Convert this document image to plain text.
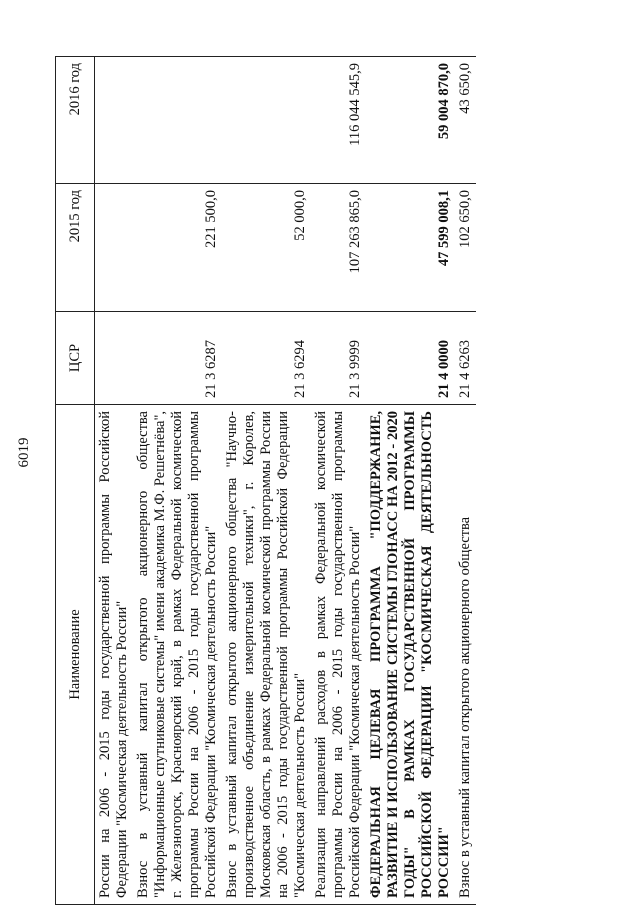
6019
Наименование	ЦСР	2015 год	2016 год
России на 2006 - 2015 годы государственной программы Российской Федерации "Космическая деятельность России"			
Взнос в уставный капитал открытого акционерного общества "Информационные спутниковые системы" имени академика М.Ф. Решетнёва", г. Железногорск, Красноярский край, в рамках Федеральной космической программы России на 2006 - 2015 годы государственной программы Российской Федерации "Космическая деятельность России"	21 3 6287	221 500,0	
Взнос в уставный капитал открытого акционерного общества "Научно-производственное объединение измерительной техники", г. Королев, Московская область, в рамках Федеральной космической программы России на 2006 - 2015 годы государственной программы Российской Федерации "Космическая деятельность России"	21 3 6294	52 000,0	
Реализация направлений расходов в рамках Федеральной космической программы России на 2006 - 2015 годы государственной программы Российской Федерации "Космическая деятельность России"	21 3 9999	107 263 865,0	116 044 545,9
ФЕДЕРАЛЬНАЯ ЦЕЛЕВАЯ ПРОГРАММА "ПОДДЕРЖАНИЕ, РАЗВИТИЕ И ИСПОЛЬЗОВАНИЕ СИСТЕМЫ ГЛОНАСС НА 2012 - 2020 ГОДЫ" В РАМКАХ ГОСУДАРСТВЕННОЙ ПРОГРАММЫ РОССИЙСКОЙ ФЕДЕРАЦИИ "КОСМИЧЕСКАЯ ДЕЯТЕЛЬНОСТЬ РОССИИ"	21 4 0000	47 599 008,1	59 004 870,0
Взнос в уставный капитал открытого акционерного общества	21 4 6263	102 650,0	43 650,0
